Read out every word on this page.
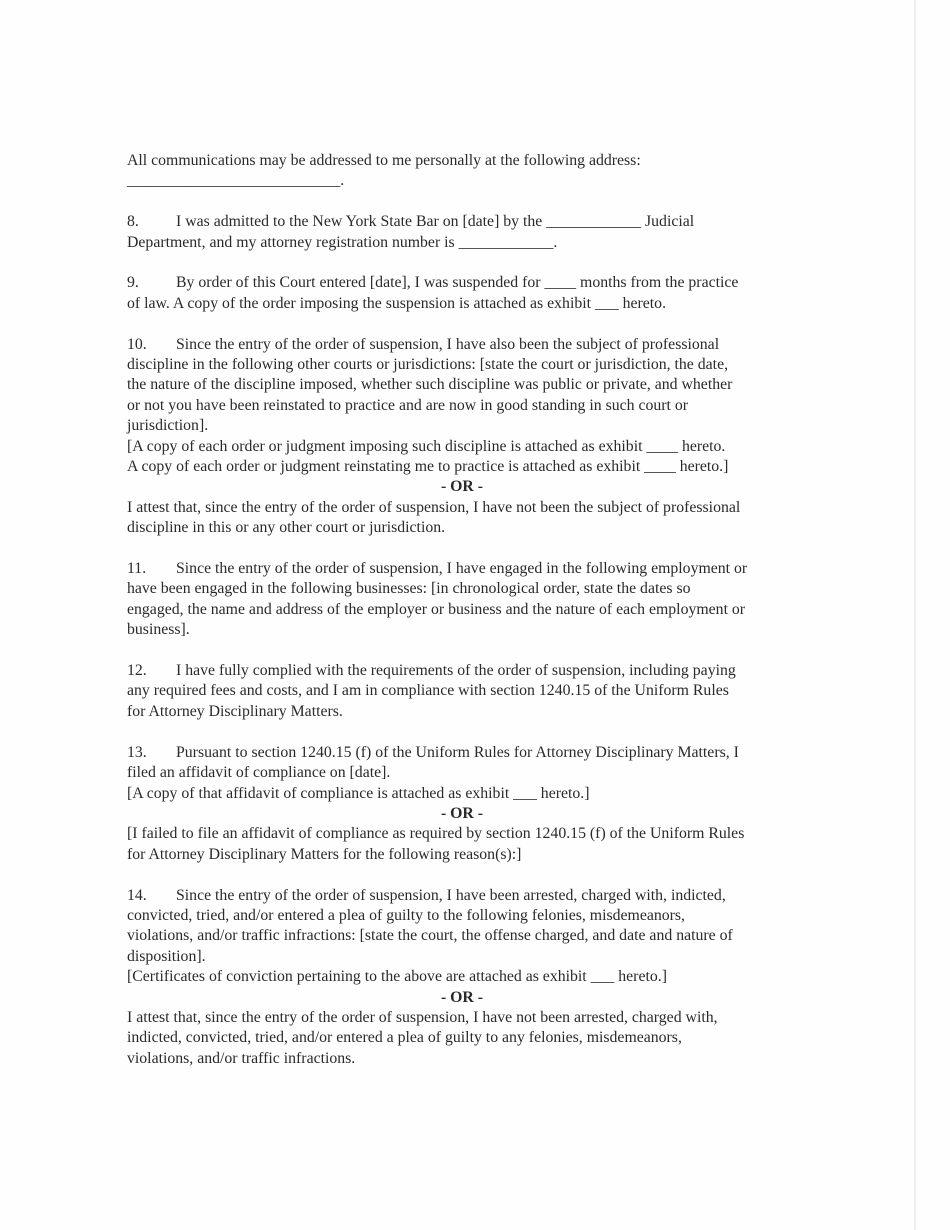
All communications may be addressed to me personally at the following address:
___________________________.
8. I was admitted to the New York State Bar on [date] by the ____________ Judicial
Department, and my attorney registration number is ____________.
9. By order of this Court entered [date], I was suspended for ____ months from the practice
of law. A copy of the order imposing the suspension is attached as exhibit ___ hereto.
10. Since the entry of the order of suspension, I have also been the subject of professional
discipline in the following other courts or jurisdictions: [state the court or jurisdiction, the date,
the nature of the discipline imposed, whether such discipline was public or private, and whether
or not you have been reinstated to practice and are now in good standing in such court or
jurisdiction].
[A copy of each order or judgment imposing such discipline is attached as exhibit ____ hereto.
A copy of each order or judgment reinstating me to practice is attached as exhibit ____ hereto.]
- OR -
I attest that, since the entry of the order of suspension, I have not been the subject of professional
discipline in this or any other court or jurisdiction.
11. Since the entry of the order of suspension, I have engaged in the following employment or
have been engaged in the following businesses: [in chronological order, state the dates so
engaged, the name and address of the employer or business and the nature of each employment or
business].
12. I have fully complied with the requirements of the order of suspension, including paying
any required fees and costs, and I am in compliance with section 1240.15 of the Uniform Rules
for Attorney Disciplinary Matters.
13. Pursuant to section 1240.15 (f) of the Uniform Rules for Attorney Disciplinary Matters, I
filed an affidavit of compliance on [date].
[A copy of that affidavit of compliance is attached as exhibit ___ hereto.]
- OR -
[I failed to file an affidavit of compliance as required by section 1240.15 (f) of the Uniform Rules
for Attorney Disciplinary Matters for the following reason(s):]
14. Since the entry of the order of suspension, I have been arrested, charged with, indicted,
convicted, tried, and/or entered a plea of guilty to the following felonies, misdemeanors,
violations, and/or traffic infractions: [state the court, the offense charged, and date and nature of
disposition].
[Certificates of conviction pertaining to the above are attached as exhibit ___ hereto.]
- OR -
I attest that, since the entry of the order of suspension, I have not been arrested, charged with,
indicted, convicted, tried, and/or entered a plea of guilty to any felonies, misdemeanors,
violations, and/or traffic infractions.
